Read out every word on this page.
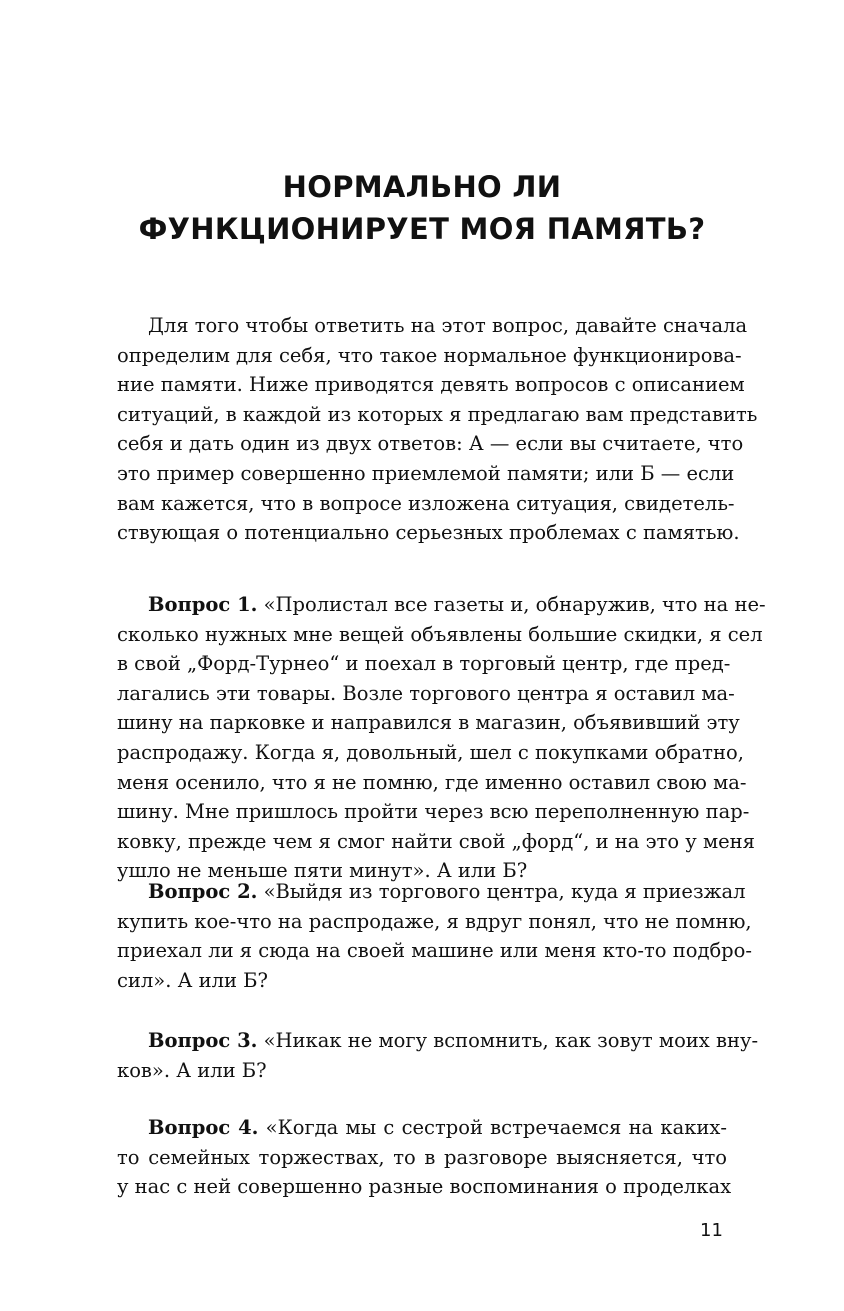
НОРМАЛЬНО ЛИ
ФУНКЦИОНИРУЕТ МОЯ ПАМЯТЬ?
Для того чтобы ответить на этот вопрос, давайте сначала
определим для себя, что такое нормальное функционирова-
ние памяти. Ниже приводятся девять вопросов с описанием
ситуаций, в каждой из которых я предлагаю вам представить
себя и дать один из двух ответов: А — если вы считаете, что
это пример совершенно приемлемой памяти; или Б — если
вам кажется, что в вопросе изложена ситуация, свидетель-
ствующая о потенциально серьезных проблемах с памятью.
Вопрос 1. «Пролистал все газеты и, обнаружив, что на не-
сколько нужных мне вещей объявлены большие скидки, я сел
в свой „Форд-Турнео“ и поехал в торговый центр, где пред-
лагались эти товары. Возле торгового центра я оставил ма-
шину на парковке и направился в магазин, объявивший эту
распродажу. Когда я, довольный, шел с покупками обратно,
меня осенило, что я не помню, где именно оставил свою ма-
шину. Мне пришлось пройти через всю переполненную пар-
ковку, прежде чем я смог найти свой „форд“, и на это у меня
ушло не меньше пяти минут». А или Б?
Вопрос 2. «Выйдя из торгового центра, куда я приезжал
купить кое-что на распродаже, я вдруг понял, что не помню,
приехал ли я сюда на своей машине или меня кто-то подбро-
сил». А или Б?
Вопрос 3. «Никак не могу вспомнить, как зовут моих вну-
ков». А или Б?
Вопрос 4. «Когда мы с сестрой встречаемся на каких-
то семейных торжествах, то в разговоре выясняется, что
у нас с ней совершенно разные воспоминания о проделках
11
